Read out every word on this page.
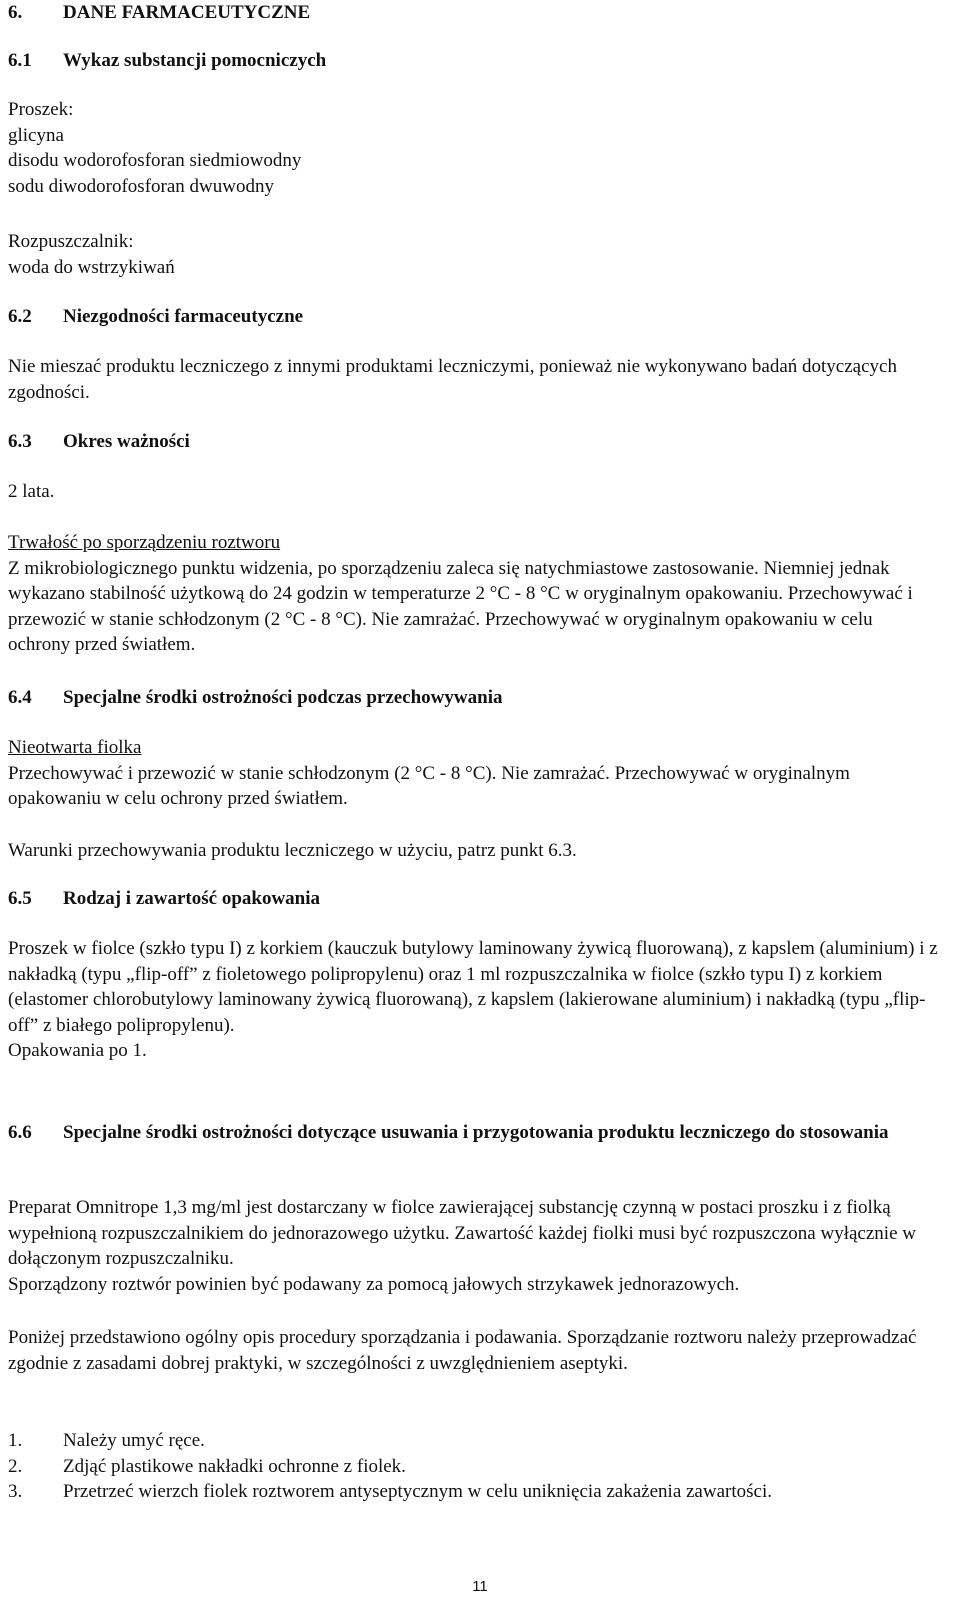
6. DANE FARMACEUTYCZNE
6.1 Wykaz substancji pomocniczych
Proszek:
glicyna
disodu wodorofosforan siedmiowodny
sodu diwodorofosforan dwuwodny
Rozpuszczalnik:
woda do wstrzykiwań
6.2 Niezgodności farmaceutyczne
Nie mieszać produktu leczniczego z innymi produktami leczniczymi, ponieważ nie wykonywano badań dotyczących zgodności.
6.3 Okres ważności
2 lata.
Trwałość po sporządzeniu roztworu
Z mikrobiologicznego punktu widzenia, po sporządzeniu zaleca się natychmiastowe zastosowanie. Niemniej jednak wykazano stabilność użytkową do 24 godzin w temperaturze 2 °C - 8 °C w oryginalnym opakowaniu. Przechowywać i przewozić w stanie schłodzonym (2 °C - 8 °C). Nie zamrażać. Przechowywać w oryginalnym opakowaniu w celu ochrony przed światłem.
6.4 Specjalne środki ostrożności podczas przechowywania
Nieotwarta fiolka
Przechowywać i przewozić w stanie schłodzonym (2 °C - 8 °C). Nie zamrażać. Przechowywać w oryginalnym opakowaniu w celu ochrony przed światłem.
Warunki przechowywania produktu leczniczego w użyciu, patrz punkt 6.3.
6.5 Rodzaj i zawartość opakowania
Proszek w fiolce (szkło typu I) z korkiem (kauczuk butylowy laminowany żywicą fluorowaną), z kapslem (aluminium) i z nakładką (typu „flip-off” z fioletowego polipropylenu) oraz 1 ml rozpuszczalnika w fiolce (szkło typu I) z korkiem (elastomer chlorobutylowy laminowany żywicą fluorowaną), z kapslem (lakierowane aluminium) i nakładką (typu „flip-off” z białego polipropylenu).
Opakowania po 1.
6.6	Specjalne środki ostrożności dotyczące usuwania i przygotowania produktu leczniczego do stosowania
Preparat Omnitrope 1,3 mg/ml jest dostarczany w fiolce zawierającej substancję czynną w postaci proszku i z fiolką wypełnioną rozpuszczalnikiem do jednorazowego użytku. Zawartość każdej fiolki musi być rozpuszczona wyłącznie w dołączonym rozpuszczalniku.
Sporządzony roztwór powinien być podawany za pomocą jałowych strzykawek jednorazowych.
Poniżej przedstawiono ogólny opis procedury sporządzania i podawania. Sporządzanie roztworu należy przeprowadzać zgodnie z zasadami dobrej praktyki, w szczególności z uwzględnieniem aseptyki.
1.	Należy umyć ręce.
2.	Zdjąć plastikowe nakładki ochronne z fiolek.
3.	Przetrzeć wierzch fiolek roztworem antyseptycznym w celu uniknięcia zakażenia zawartości.
11
